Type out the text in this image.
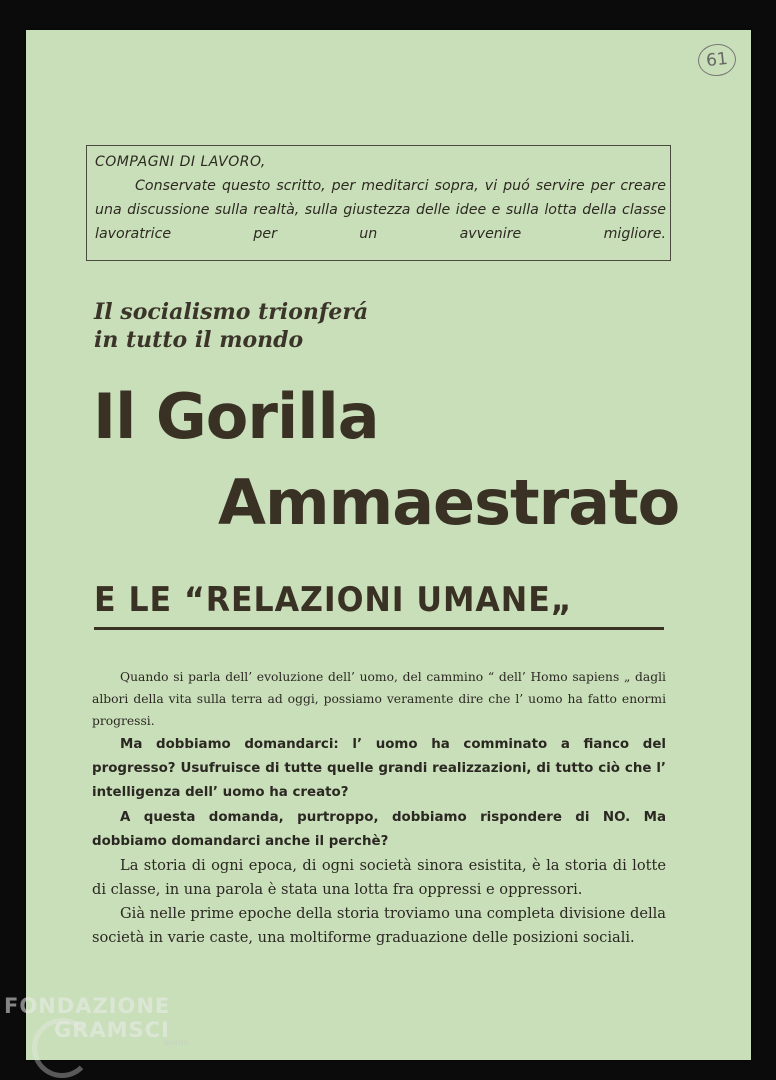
61
COMPAGNI DI LAVORO,
Conservate questo scritto, per meditarci sopra, vi puó servire per creare una discussione sulla realtà, sulla giustezza delle idee e sulla lotta della classe lavoratrice per un avvenire migliore.
Il socialismo trionferá
in tutto il mondo
Il Gorilla
Ammaestrato
E LE “RELAZIONI UMANE„
Quando si parla dell’ evoluzione dell’ uomo, del cammino “ dell’ Homo sapiens „ dagli albori della vita sulla terra ad oggi, possiamo veramente dire che l’ uomo ha fatto enormi progressi.
Ma dobbiamo domandarci: l’ uomo ha comminato a fianco del progresso? Usufruisce di tutte quelle grandi realizzazioni, di tutto ciò che l’ intelligenza dell’ uomo ha creato?
A questa domanda, purtroppo, dobbiamo rispondere di NO. Ma dobbiamo domandarci anche il perchè?
La storia di ogni epoca, di ogni società sinora esistita, è la storia di lotte di classe, in una parola è stata una lotta fra oppressi e oppressori.
Già nelle prime epoche della storia troviamo una completa divisione della società in varie caste, una moltiforme graduazione delle posizioni sociali.
FONDAZIONE
GRAMSCI
onlus
